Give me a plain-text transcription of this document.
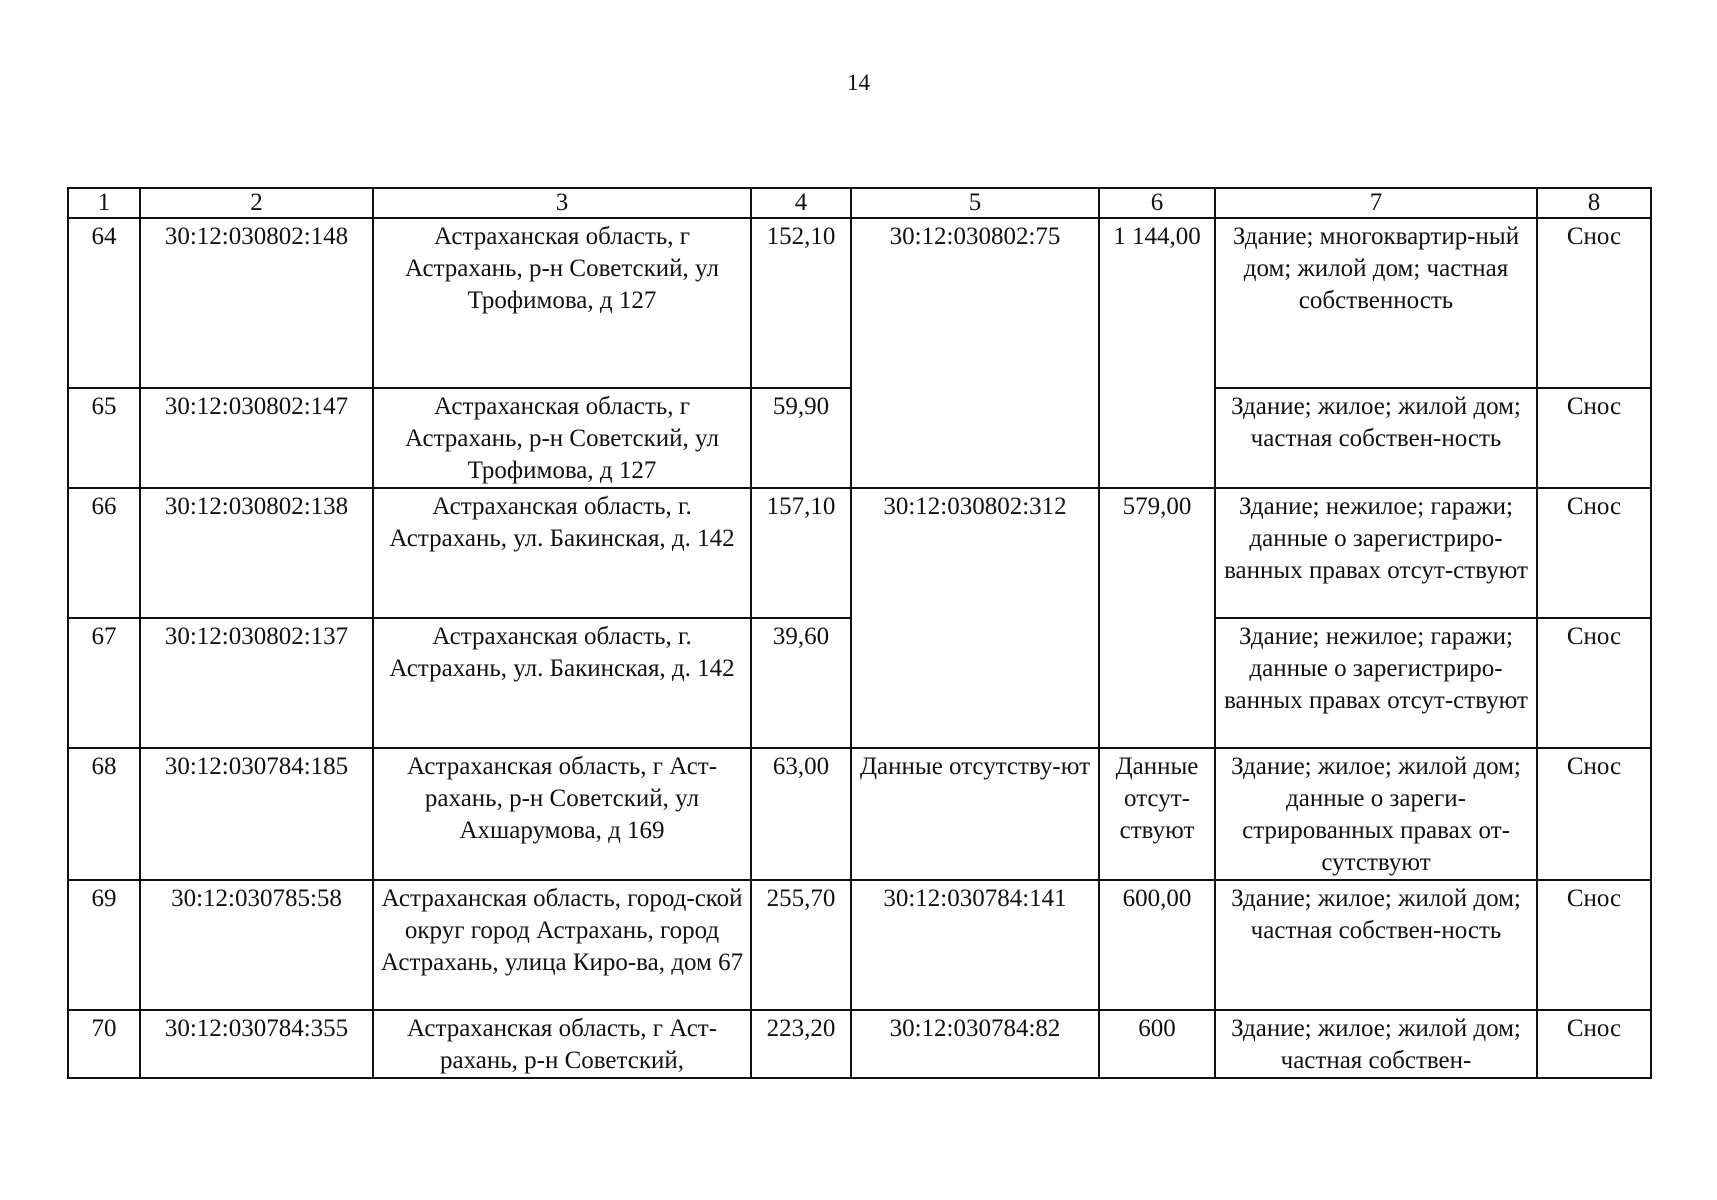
14
1	2	3	4	5	6	7	8
64	30:12:030802:148	Астраханская область, г Астрахань, р-н Советский, ул Трофимова, д 127	152,10	30:12:030802:75	1 144,00	Здание; многоквартир-ный дом; жилой дом; частная собственность	Снос
65	30:12:030802:147	Астраханская область, г Астрахань, р-н Советский, ул Трофимова, д 127	59,90			Здание; жилое; жилой дом; частная собствен-ность	Снос
66	30:12:030802:138	Астраханская область, г. Астрахань, ул. Бакинская, д. 142	157,10	30:12:030802:312	579,00	Здание; нежилое; гаражи; данные о зарегистриро-ванных правах отсут-ствуют	Снос
67	30:12:030802:137	Астраханская область, г. Астрахань, ул. Бакинская, д. 142	39,60			Здание; нежилое; гаражи; данные о зарегистриро-ванных правах отсут-ствуют	Снос
68	30:12:030784:185	Астраханская область, г Аст-рахань, р-н Советский, ул Ахшарумова, д 169	63,00	Данные отсутству-ют	Данные отсут-ствуют	Здание; жилое; жилой дом; данные о зареги-стрированных правах от-сутствуют	Снос
69	30:12:030785:58	Астраханская область, город-ской округ город Астрахань, город Астрахань, улица Киро-ва, дом 67	255,70	30:12:030784:141	600,00	Здание; жилое; жилой дом; частная собствен-ность	Снос
70	30:12:030784:355	Астраханская область, г Аст-рахань, р-н Советский,	223,20	30:12:030784:82	600	Здание; жилое; жилой дом; частная собствен-	Снос
